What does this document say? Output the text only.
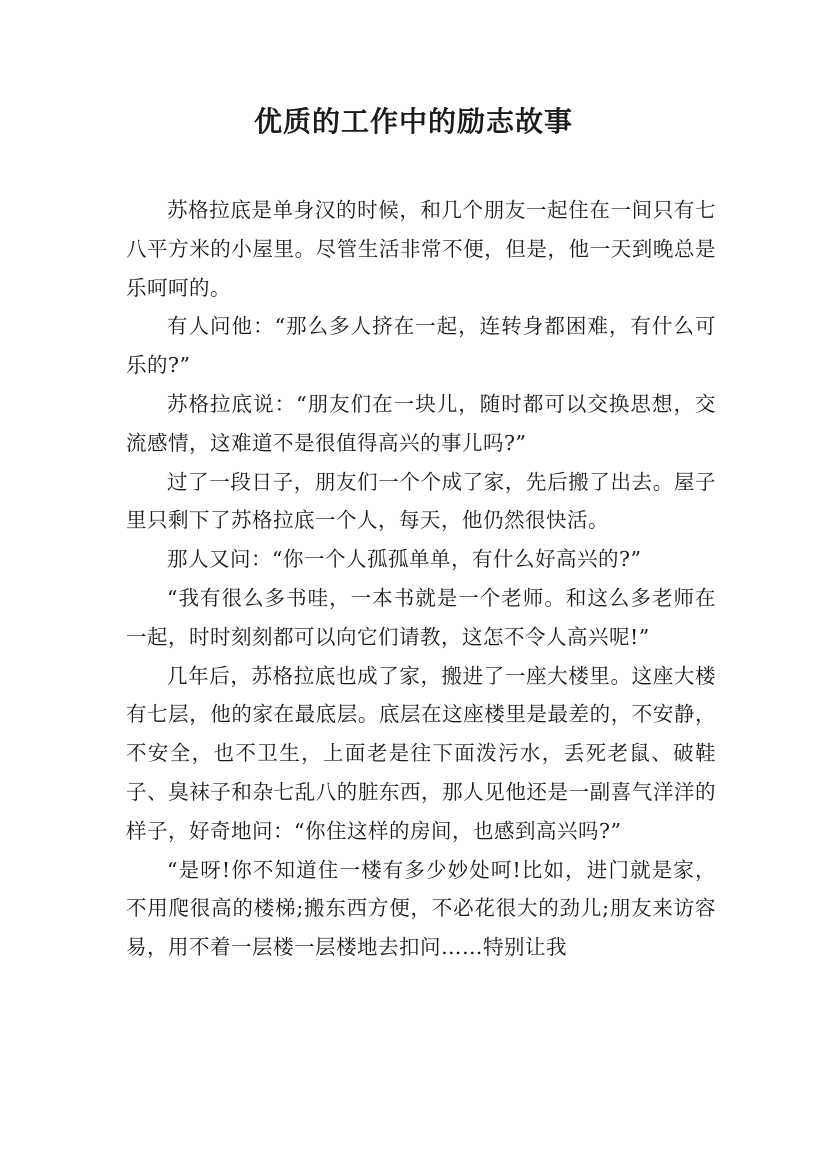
优质的工作中的励志故事

苏格拉底是单身汉的时候，和几个朋友一起住在一间只有七八平方米的小屋里。尽管生活非常不便，但是，他一天到晚总是乐呵呵的。

有人问他：“那么多人挤在一起，连转身都困难，有什么可乐的?”

苏格拉底说：“朋友们在一块儿，随时都可以交换思想，交流感情，这难道不是很值得高兴的事儿吗?”

过了一段日子，朋友们一个个成了家，先后搬了出去。屋子里只剩下了苏格拉底一个人，每天，他仍然很快活。

那人又问：“你一个人孤孤单单，有什么好高兴的?”

“我有很么多书哇，一本书就是一个老师。和这么多老师在一起，时时刻刻都可以向它们请教，这怎不令人高兴呢!”

几年后，苏格拉底也成了家，搬进了一座大楼里。这座大楼有七层，他的家在最底层。底层在这座楼里是最差的，不安静，不安全，也不卫生，上面老是往下面泼污水，丢死老鼠、破鞋子、臭袜子和杂七乱八的脏东西，那人见他还是一副喜气洋洋的样子，好奇地问：“你住这样的房间，也感到高兴吗?”

“是呀!你不知道住一楼有多少妙处呵!比如，进门就是家，不用爬很高的楼梯;搬东西方便，不必花很大的劲儿;朋友来访容易，用不着一层楼一层楼地去扣问……特别让我
